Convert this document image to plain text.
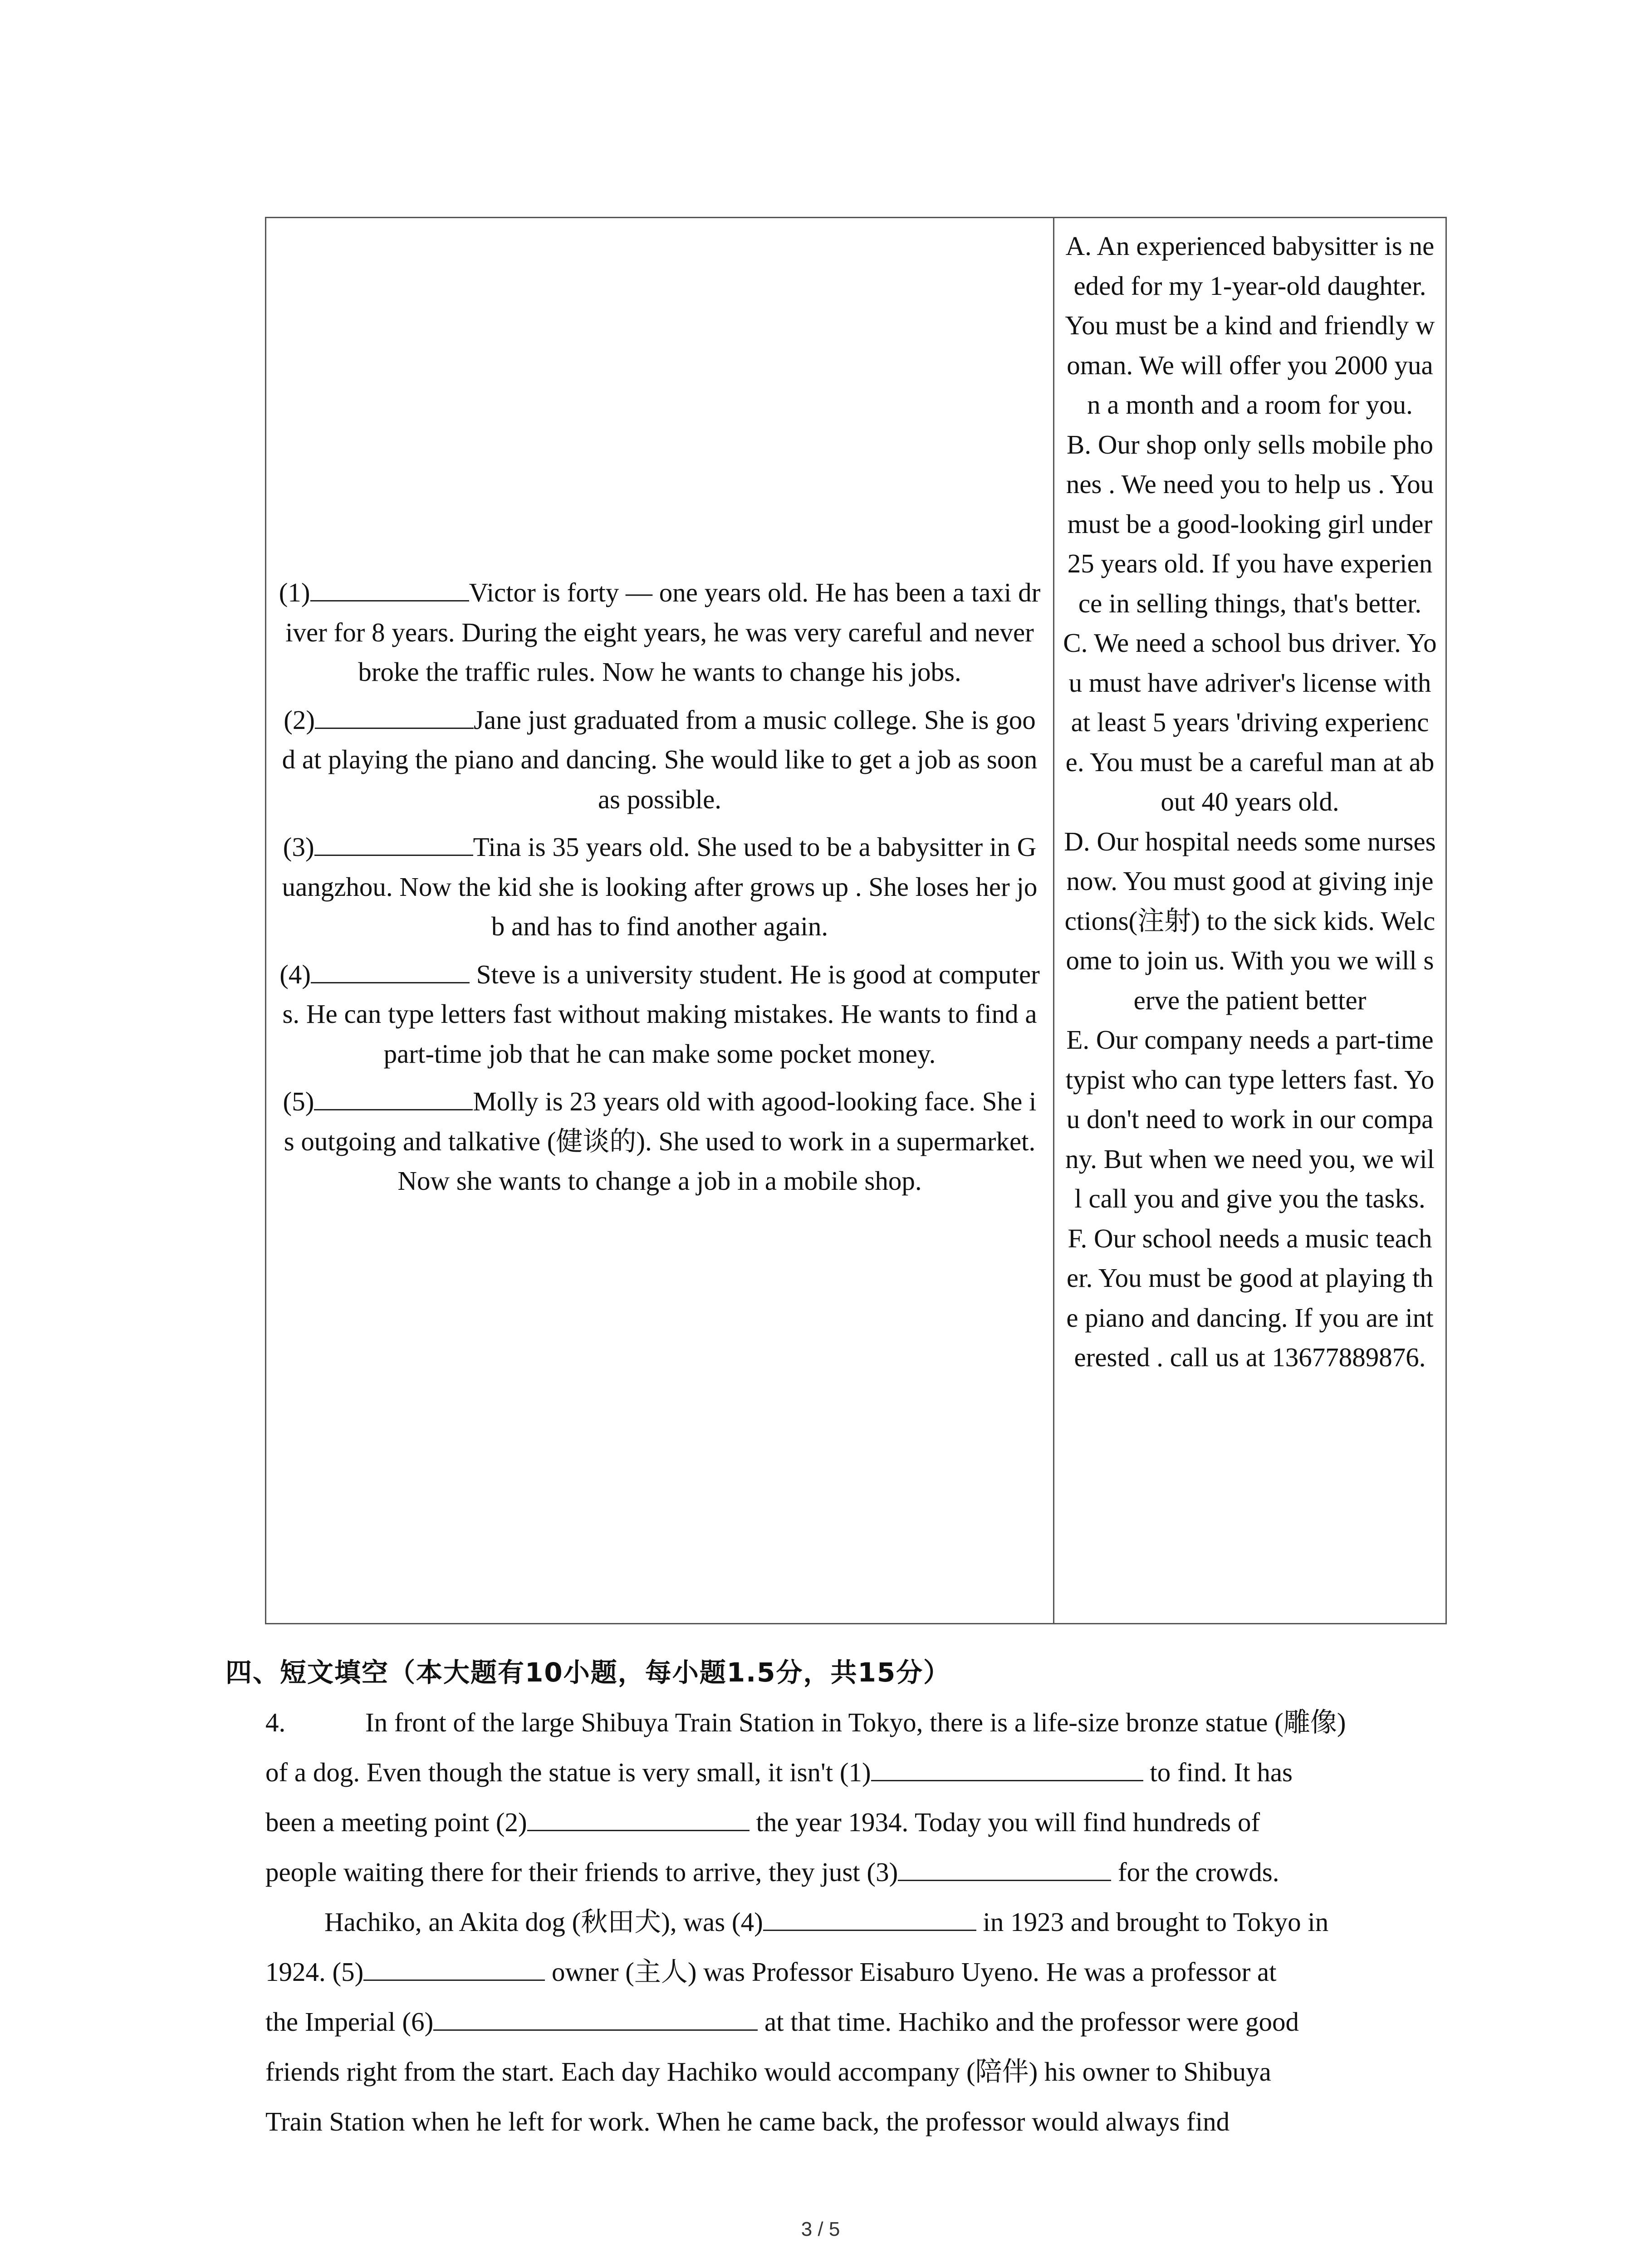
(1)	Victor is forty — one years old. He has been a taxi driver for 8 years. During the eight years, he was very careful and never broke the traffic rules. Now he wants to change his jobs.
(2)	Jane just graduated from a music college. She is good at playing the piano and dancing. She would like to get a job as soon as possible.
(3)	Tina is 35 years old. She used to be a babysitter in Guangzhou. Now the kid she is looking after grows up . She loses her job and has to find another again.
(4)	Steve is a university student. He is good at computers. He can type letters fast without making mistakes. He wants to find a part-time job that he can make some pocket money.
(5)	Molly is 23 years old with agood-looking face. She is outgoing and talkative (健谈的). She used to work in a supermarket. Now she wants to change a job in a mobile shop.
A. An experienced babysitter is needed for my 1-year-old daughter. You must be a kind and friendly woman. We will offer you 2000 yuan a month and a room for you.
B. Our shop only sells mobile phones . We need you to help us . You must be a good-looking girl under 25 years old. If you have experience in selling things, that's better.
C. We need a school bus driver. You must have adriver's license with at least 5 years 'driving experience. You must be a careful man at about 40 years old.
D. Our hospital needs some nurses now. You must good at giving injections(注射) to the sick kids. Welcome to join us. With you we will serve the patient better
E. Our company needs a part-time typist who can type letters fast. You don't need to work in our company. But when we need you, we will call you and give you the tasks.
F. Our school needs a music teacher. You must be good at playing the piano and dancing. If you are interested . call us at 13677889876.
四、短文填空（本大题有10小题，每小题1.5分，共15分）
4.	In front of the large Shibuya Train Station in Tokyo, there is a life-size bronze statue (雕像)
of a dog. Even though the statue is very small, it isn't (1)	to find. It has
been a meeting point (2)	the year 1934. Today you will find hundreds of
people waiting there for their friends to arrive, they just (3)	for the crowds.
Hachiko, an Akita dog (秋田犬), was (4)	in 1923 and brought to Tokyo in
1924. (5)	owner (主人) was Professor Eisaburo Uyeno. He was a professor at
the Imperial (6)	at that time. Hachiko and the professor were good
friends right from the start. Each day Hachiko would accompany (陪伴) his owner to Shibuya
Train Station when he left for work. When he came back, the professor would always find
3 / 5
